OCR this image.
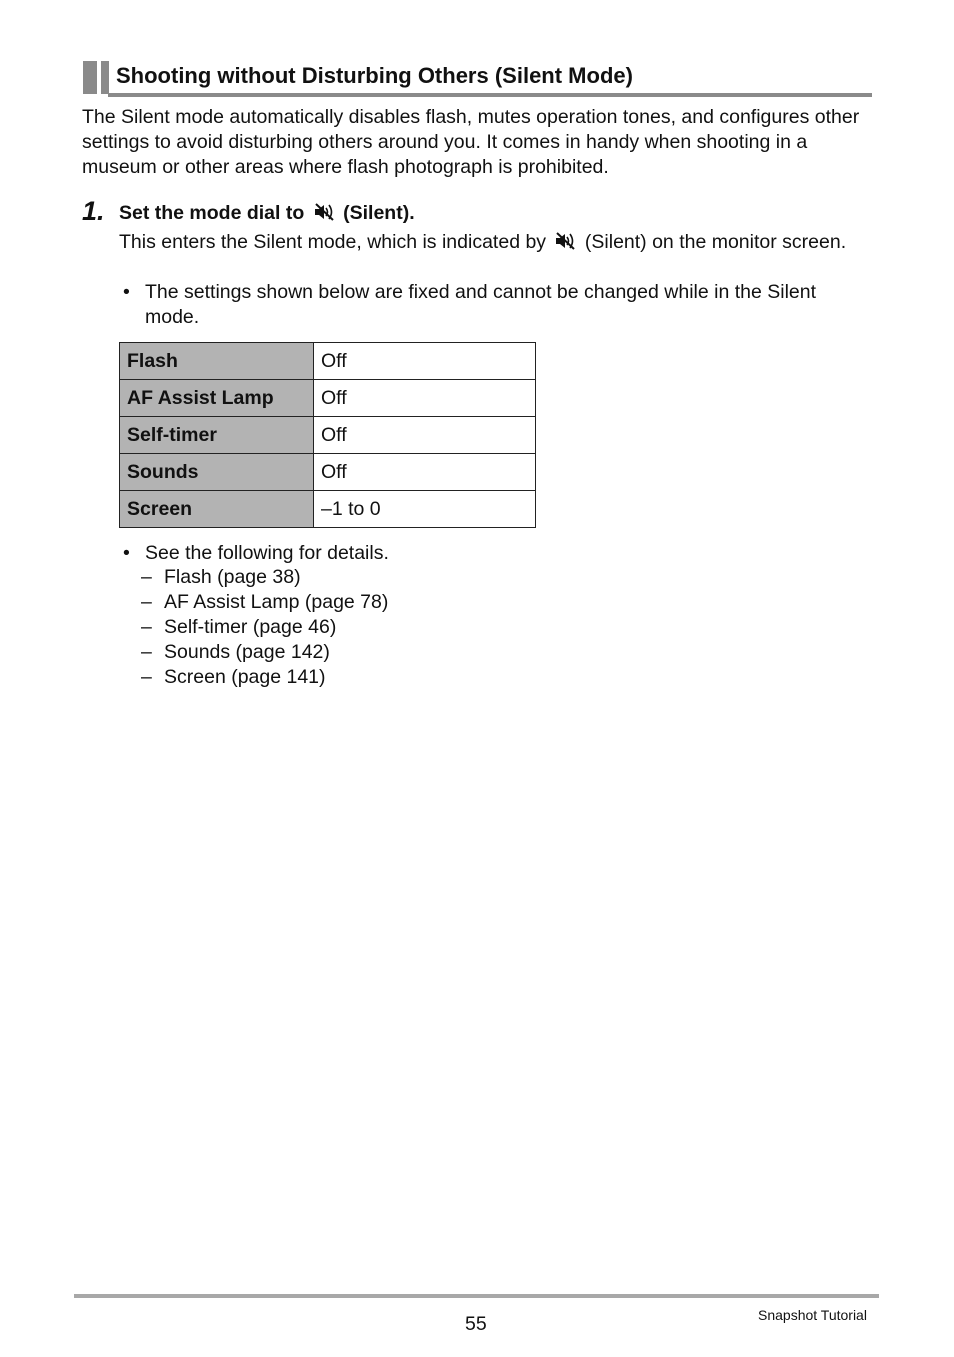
Shooting without Disturbing Others (Silent Mode)
The Silent mode automatically disables flash, mutes operation tones, and configures other settings to avoid disturbing others around you. It comes in handy when shooting in a museum or other areas where flash photograph is prohibited.
1. Set the mode dial to (Silent).
This enters the Silent mode, which is indicated by (Silent) on the monitor screen.
• The settings shown below are fixed and cannot be changed while in the Silent mode.
Flash	Off
AF Assist Lamp	Off
Self-timer	Off
Sounds	Off
Screen	–1 to 0
• See the following for details.
– Flash (page 38)
– AF Assist Lamp (page 78)
– Self-timer (page 46)
– Sounds (page 142)
– Screen (page 141)
55	Snapshot Tutorial
